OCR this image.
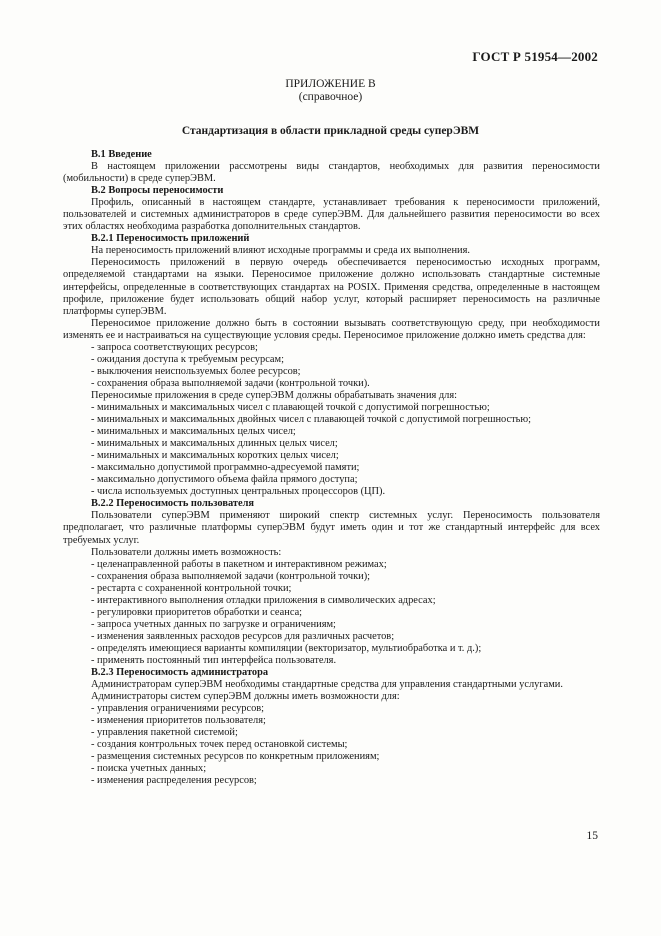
ГОСТ Р 51954—2002
ПРИЛОЖЕНИЕ В
(справочное)
Стандартизация в области прикладной среды суперЭВМ

В.1 Введение

В настоящем приложении рассмотрены виды стандартов, необходимых для развития переносимости (мобильности) в среде суперЭВМ.

В.2 Вопросы переносимости

Профиль, описанный в настоящем стандарте, устанавливает требования к переносимости приложений, пользователей и системных администраторов в среде суперЭВМ. Для дальнейшего развития переносимости во всех этих областях необходима разработка дополнительных стандартов.

В.2.1 Переносимость приложений

На переносимость приложений влияют исходные программы и среда их выполнения.

Переносимость приложений в первую очередь обеспечивается переносимостью исходных программ, определяемой стандартами на языки. Переносимое приложение должно использовать стандартные системные интерфейсы, определенные в соответствующих стандартах на POSIX. Применяя средства, определенные в настоящем профиле, приложение будет использовать общий набор услуг, который расширяет переносимость на различные платформы суперЭВМ.

Переносимое приложение должно быть в состоянии вызывать соответствующую среду, при необходимости изменять ее и настраиваться на существующие условия среды. Переносимое приложение должно иметь средства для:

- запроса соответствующих ресурсов;

- ожидания доступа к требуемым ресурсам;

- выключения неиспользуемых более ресурсов;

- сохранения образа выполняемой задачи (контрольной точки).

Переносимые приложения в среде суперЭВМ должны обрабатывать значения для:

- минимальных и максимальных чисел с плавающей точкой с допустимой погрешностью;

- минимальных и максимальных двойных чисел с плавающей точкой с допустимой погрешностью;

- минимальных и максимальных целых чисел;

- минимальных и максимальных длинных целых чисел;

- минимальных и максимальных коротких целых чисел;

- максимально допустимой программно-адресуемой памяти;

- максимально допустимого объема файла прямого доступа;

- числа используемых доступных центральных процессоров (ЦП).

В.2.2 Переносимость пользователя

Пользователи суперЭВМ применяют широкий спектр системных услуг. Переносимость пользователя предполагает, что различные платформы суперЭВМ будут иметь один и тот же стандартный интерфейс для всех требуемых услуг.

Пользователи должны иметь возможность:

- целенаправленной работы в пакетном и интерактивном режимах;

- сохранения образа выполняемой задачи (контрольной точки);

- рестарта с сохраненной контрольной точки;

- интерактивного выполнения отладки приложения в символических адресах;

- регулировки приоритетов обработки и сеанса;

- запроса учетных данных по загрузке и ограничениям;

- изменения заявленных расходов ресурсов для различных расчетов;

- определять имеющиеся варианты компиляции (векторизатор, мультиобработка и т. д.);

- применять постоянный тип интерфейса пользователя.

В.2.3 Переносимость администратора

Администраторам суперЭВМ необходимы стандартные средства для управления стандартными услугами.

Администраторы систем суперЭВМ должны иметь возможности для:

- управления ограничениями ресурсов;

- изменения приоритетов пользователя;

- управления пакетной системой;

- создания контрольных точек перед остановкой системы;

- размещения системных ресурсов по конкретным приложениям;

- поиска учетных данных;

- изменения распределения ресурсов;

15
